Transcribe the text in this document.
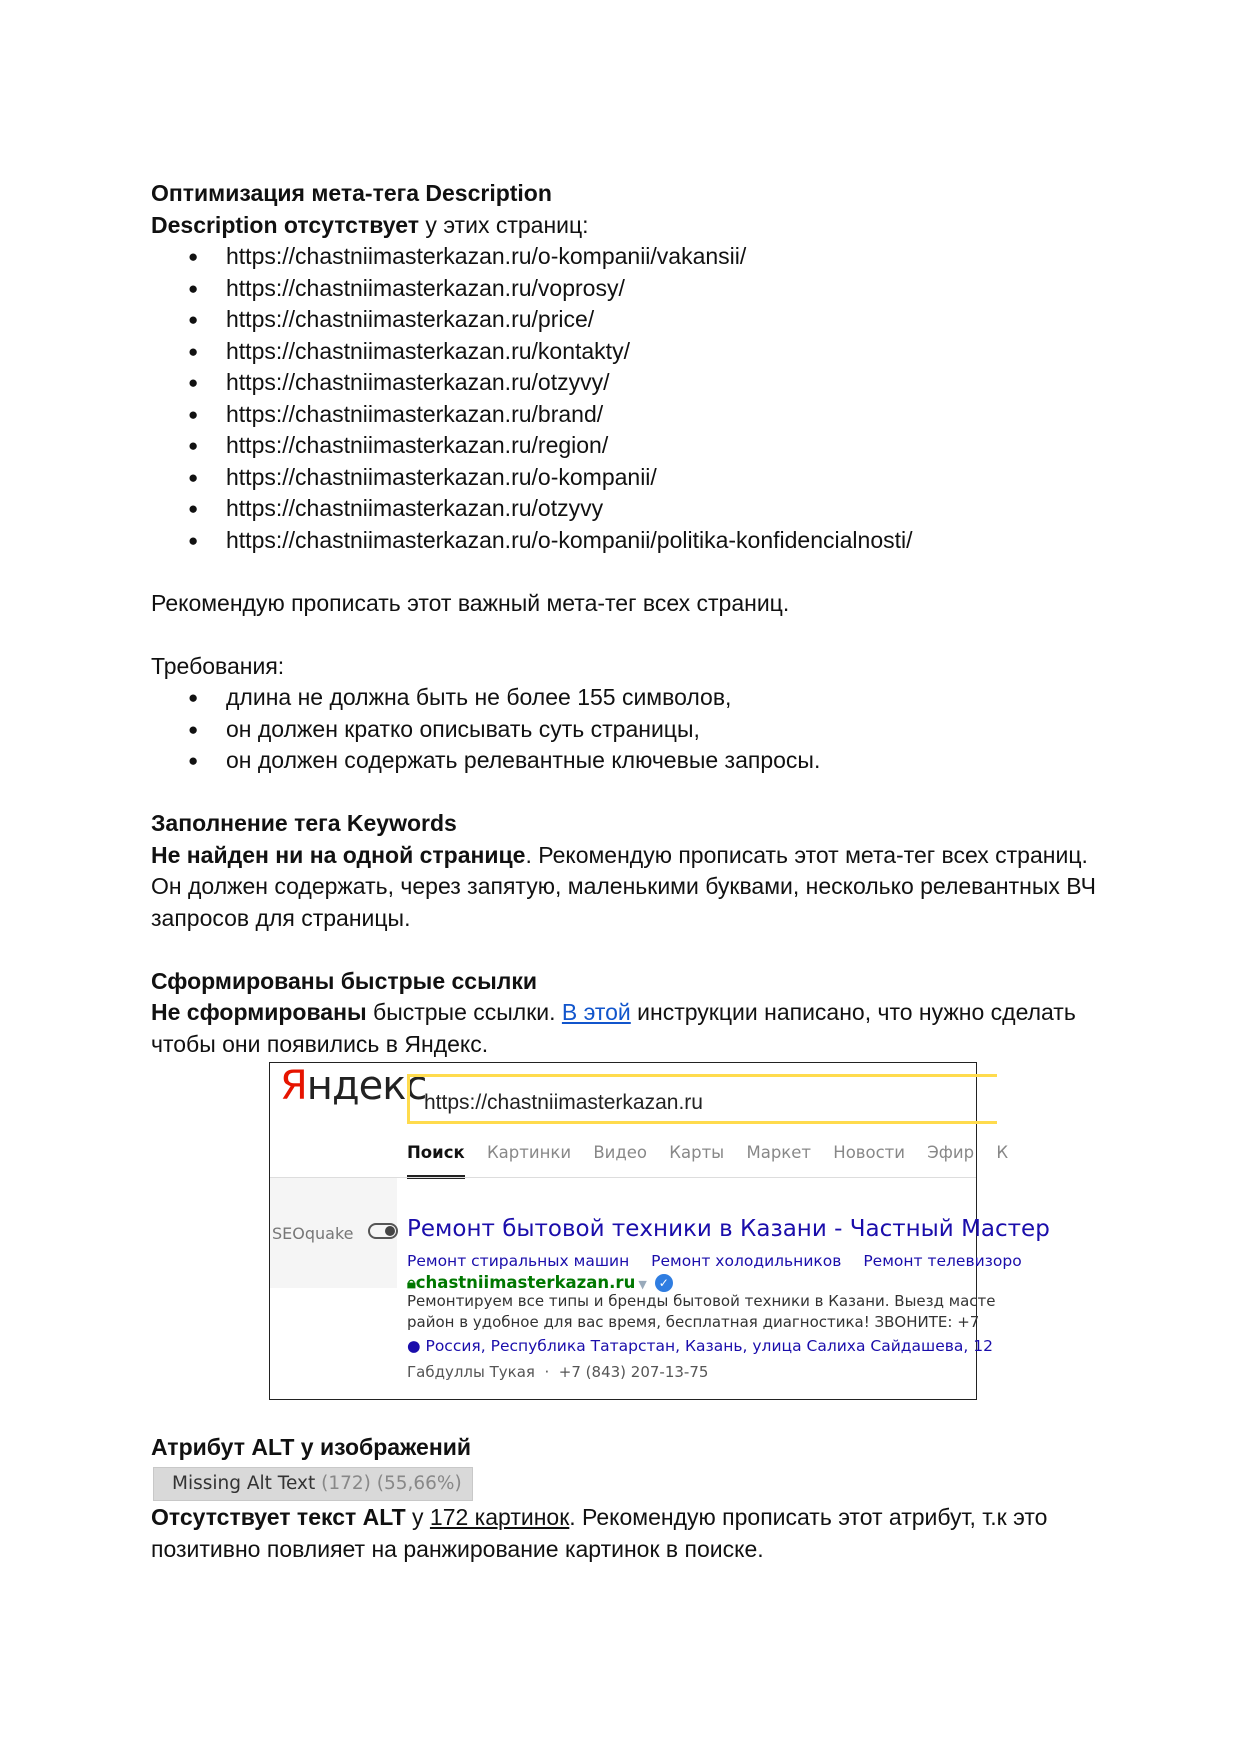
Оптимизация мета-тега Description

Description отсутствует у этих страниц:

● https://chastniimasterkazan.ru/o-kompanii/vakansii/
● https://chastniimasterkazan.ru/voprosy/
● https://chastniimasterkazan.ru/price/
● https://chastniimasterkazan.ru/kontakty/
● https://chastniimasterkazan.ru/otzyvy/
● https://chastniimasterkazan.ru/brand/
● https://chastniimasterkazan.ru/region/
● https://chastniimasterkazan.ru/o-kompanii/
● https://chastniimasterkazan.ru/otzyvy
● https://chastniimasterkazan.ru/o-kompanii/politika-konfidencialnosti/

Рекомендую прописать этот важный мета-тег всех страниц.

Требования:

● длина не должна быть не более 155 символов,
● он должен кратко описывать суть страницы,
● он должен содержать релевантные ключевые запросы.

Заполнение тега Keywords

Не найден ни на одной странице. Рекомендую прописать этот мета-тег всех страниц. Он должен содержать, через запятую, маленькими буквами, несколько релевантных ВЧ запросов для страницы.

Сформированы быстрые ссылки

Не сформированы быстрые ссылки. В этой инструкции написано, что нужно сделать чтобы они появились в Яндекс.

Яндекс
https://chastniimasterkazan.ru
Поиск Картинки Видео Карты Маркет Новости Эфир К
SEOquake Ремонт бытовой техники в Казани - Частный Мастер
Ремонт стиральных машин Ремонт холодильников Ремонт телевизоро
🔒︎chastniimasterkazan.ru ▼ ✓
Ремонтируем все типы и бренды бытовой техники в Казани. Выезд масте
район в удобное для вас время, бесплатная диагностика! ЗВОНИТЕ: +7
● Россия, Республика Татарстан, Казань, улица Салиха Сайдашева, 12
Габдуллы Тукая  ·  +7 (843) 207-13-75

Атрибут ALT у изображений

Missing Alt Text (172) (55,66%)

Отсутствует текст ALT у 172 картинок. Рекомендую прописать этот атрибут, т.к это позитивно повлияет на ранжирование картинок в поиске.
